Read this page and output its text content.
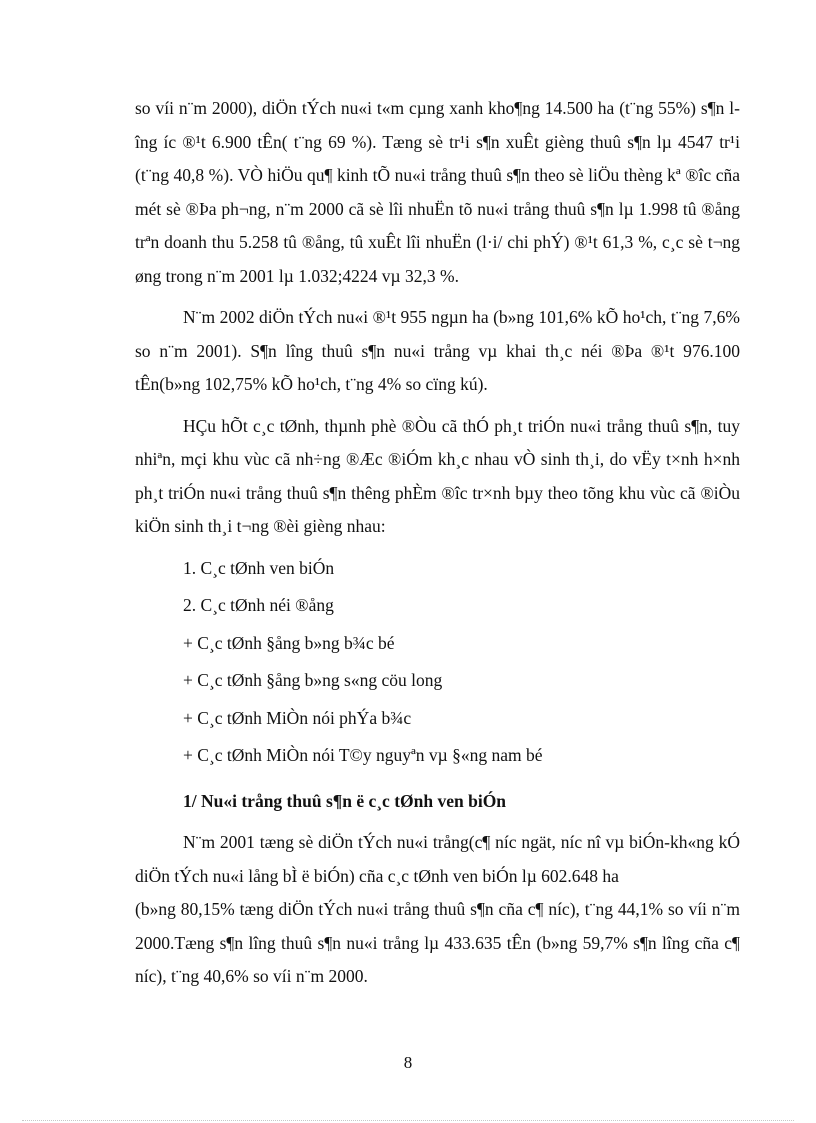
so víi n¨m 2000), diÖn tÝch nu«i t«m cµng xanh kho¶ng 14.500 ha (t¨ng 55%) s¶n lîng íc ®¹t 6.900 tÊn( t¨ng 69 %). Tæng sè tr¹i s¶n xuÊt gièng thuû s¶n lµ 4547 tr¹i (t¨ng 40,8 %). VÒ hiÖu qu¶ kinh tÕ nu«i trång thuû s¶n theo sè liÖu thèng kª ®îc cña mét sè ®Þa ph¬ng, n¨m 2000 cã sè lîi nhuËn tõ nu«i trång thuû s¶n lµ 1.998 tû ®ång trªn doanh thu 5.258 tû ®ång, tû xuÊt lîi nhuËn (l·i/ chi phÝ) ®¹t 61,3 %, c¸c sè t¬ng øng trong n¨m 2001 lµ 1.032;4224 vµ 32,3 %.

N¨m 2002 diÖn tÝch nu«i ®¹t 955 ngµn ha (b»ng 101,6% kÕ ho¹ch, t¨ng 7,6% so n¨m 2001). S¶n lîng thuû s¶n nu«i trång vµ khai th¸c néi ®Þa ®¹t 976.100 tÊn(b»ng 102,75% kÕ ho¹ch, t¨ng 4% so cïng kú).

HÇu hÕt c¸c tØnh, thµnh phè ®Òu cã thÓ ph¸t triÓn nu«i trång thuû s¶n, tuy nhiªn, mçi khu vùc cã nh÷ng ®Æc ®iÓm kh¸c nhau vÒ sinh th¸i, do vËy t×nh h×nh ph¸t triÓn nu«i trång thuû s¶n thêng phÈm ®îc tr×nh bµy theo tõng khu vùc cã ®iÒu kiÖn sinh th¸i t¬ng ®èi gièng nhau:

1. C¸c tØnh ven biÓn

2. C¸c tØnh néi ®ång

+ C¸c tØnh §ång b»ng b¾c bé

+ C¸c tØnh §ång b»ng s«ng cöu long

+ C¸c tØnh MiÒn nói phÝa b¾c

+ C¸c tØnh MiÒn nói T©y nguyªn vµ §«ng nam bé

1/ Nu«i trång thuû s¶n ë c¸c tØnh ven biÓn

N¨m 2001 tæng sè diÖn tÝch nu«i trång(c¶ níc ngät, níc nî vµ biÓn-kh«ng kÓ diÖn tÝch nu«i lång bÌ ë biÓn) cña c¸c tØnh ven biÓn lµ 602.648 ha

(b»ng 80,15% tæng diÖn tÝch nu«i trång thuû s¶n cña c¶ níc), t¨ng 44,1% so víi n¨m 2000.Tæng s¶n lîng thuû s¶n nu«i trång lµ 433.635 tÊn (b»ng 59,7% s¶n lîng cña c¶ níc), t¨ng 40,6% so víi n¨m 2000.

8
